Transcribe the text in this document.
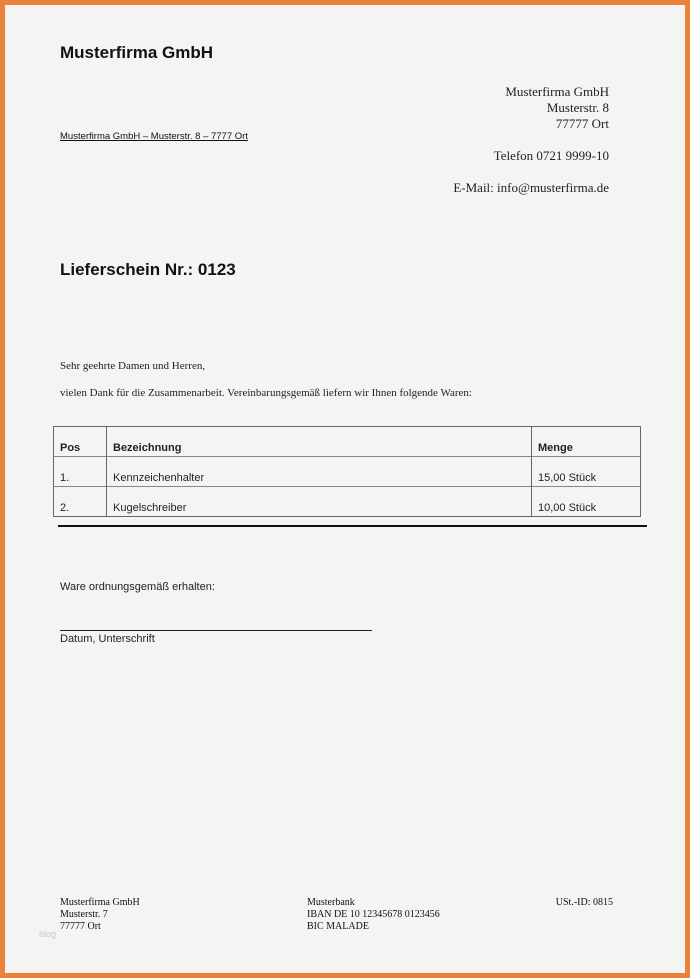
Musterfirma GmbH
Musterfirma GmbH – Musterstr. 8 – 7777 Ort
Musterfirma GmbH
Musterstr. 8
77777 Ort
Telefon 0721 9999-10
E-Mail: info@musterfirma.de
Lieferschein Nr.: 0123
Sehr geehrte Damen und Herren,
vielen Dank für die Zusammenarbeit. Vereinbarungsgemäß liefern wir Ihnen folgende Waren:
Pos	Bezeichnung	Menge
1.	Kennzeichenhalter	15,00 Stück
2.	Kugelschreiber	10,00 Stück
Ware ordnungsgemäß erhalten:
Datum, Unterschrift
Musterfirma GmbH
Musterstr. 7
77777 Ort
Musterbank
IBAN DE 10 12345678 0123456
BIC MALADE
USt.-ID: 0815
blog
